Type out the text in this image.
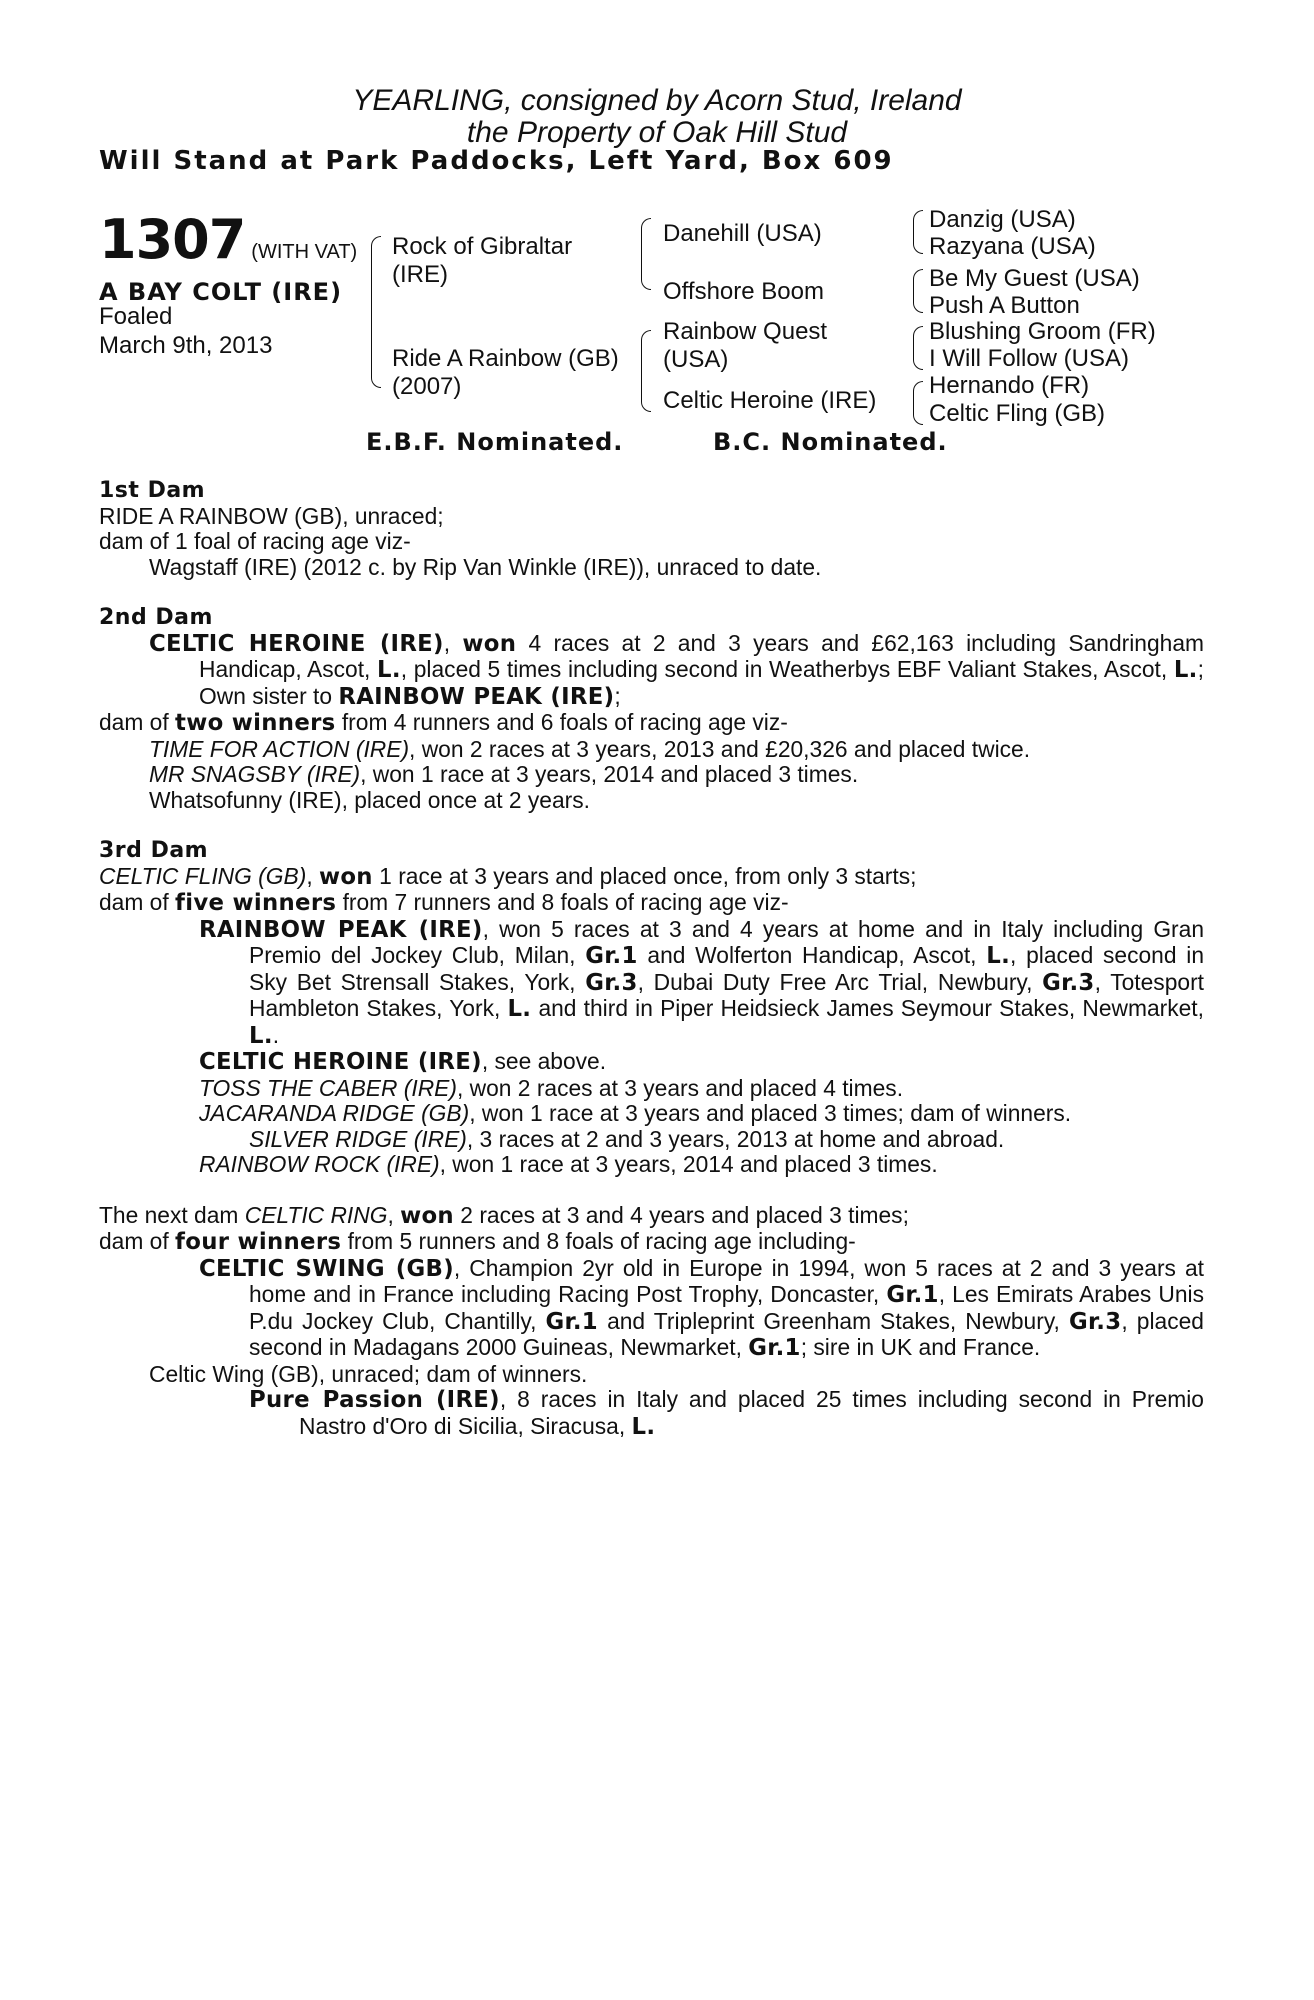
YEARLING, consigned by Acorn Stud, Ireland
the Property of Oak Hill Stud
Will Stand at Park Paddocks, Left Yard, Box 609
1307 (WITH VAT)
A BAY COLT (IRE)
Foaled
March 9th, 2013
Rock of Gibraltar
(IRE)
Ride A Rainbow (GB)
(2007)
Danehill (USA)
Offshore Boom
Rainbow Quest
(USA)
Celtic Heroine (IRE)
Danzig (USA)
Razyana (USA)
Be My Guest (USA)
Push A Button
Blushing Groom (FR)
I Will Follow (USA)
Hernando (FR)
Celtic Fling (GB)
E.B.F. Nominated.	B.C. Nominated.
1st Dam

RIDE A RAINBOW (GB), unraced;

dam of 1 foal of racing age viz-

Wagstaff (IRE) (2012 c. by Rip Van Winkle (IRE)), unraced to date.

2nd Dam

CELTIC HEROINE (IRE), won 4 races at 2 and 3 years and £62,163 including Sandringham Handicap, Ascot, L., placed 5 times including second in Weatherbys EBF Valiant Stakes, Ascot, L.; Own sister to RAINBOW PEAK (IRE);

dam of two winners from 4 runners and 6 foals of racing age viz-

TIME FOR ACTION (IRE), won 2 races at 3 years, 2013 and £20,326 and placed twice.

MR SNAGSBY (IRE), won 1 race at 3 years, 2014 and placed 3 times.

Whatsofunny (IRE), placed once at 2 years.

3rd Dam

CELTIC FLING (GB), won 1 race at 3 years and placed once, from only 3 starts;

dam of five winners from 7 runners and 8 foals of racing age viz-

RAINBOW PEAK (IRE), won 5 races at 3 and 4 years at home and in Italy including Gran Premio del Jockey Club, Milan, Gr.1 and Wolferton Handicap, Ascot, L., placed second in Sky Bet Strensall Stakes, York, Gr.3, Dubai Duty Free Arc Trial, Newbury, Gr.3, Totesport Hambleton Stakes, York, L. and third in Piper Heidsieck James Seymour Stakes, Newmarket, L..

CELTIC HEROINE (IRE), see above.

TOSS THE CABER (IRE), won 2 races at 3 years and placed 4 times.

JACARANDA RIDGE (GB), won 1 race at 3 years and placed 3 times; dam of winners.

SILVER RIDGE (IRE), 3 races at 2 and 3 years, 2013 at home and abroad.

RAINBOW ROCK (IRE), won 1 race at 3 years, 2014 and placed 3 times.

The next dam CELTIC RING, won 2 races at 3 and 4 years and placed 3 times;

dam of four winners from 5 runners and 8 foals of racing age including-

CELTIC SWING (GB), Champion 2yr old in Europe in 1994, won 5 races at 2 and 3 years at home and in France including Racing Post Trophy, Doncaster, Gr.1, Les Emirats Arabes Unis P.du Jockey Club, Chantilly, Gr.1 and Tripleprint Greenham Stakes, Newbury, Gr.3, placed second in Madagans 2000 Guineas, Newmarket, Gr.1; sire in UK and France.

Celtic Wing (GB), unraced; dam of winners.

Pure Passion (IRE), 8 races in Italy and placed 25 times including second in Premio Nastro d'Oro di Sicilia, Siracusa, L.
